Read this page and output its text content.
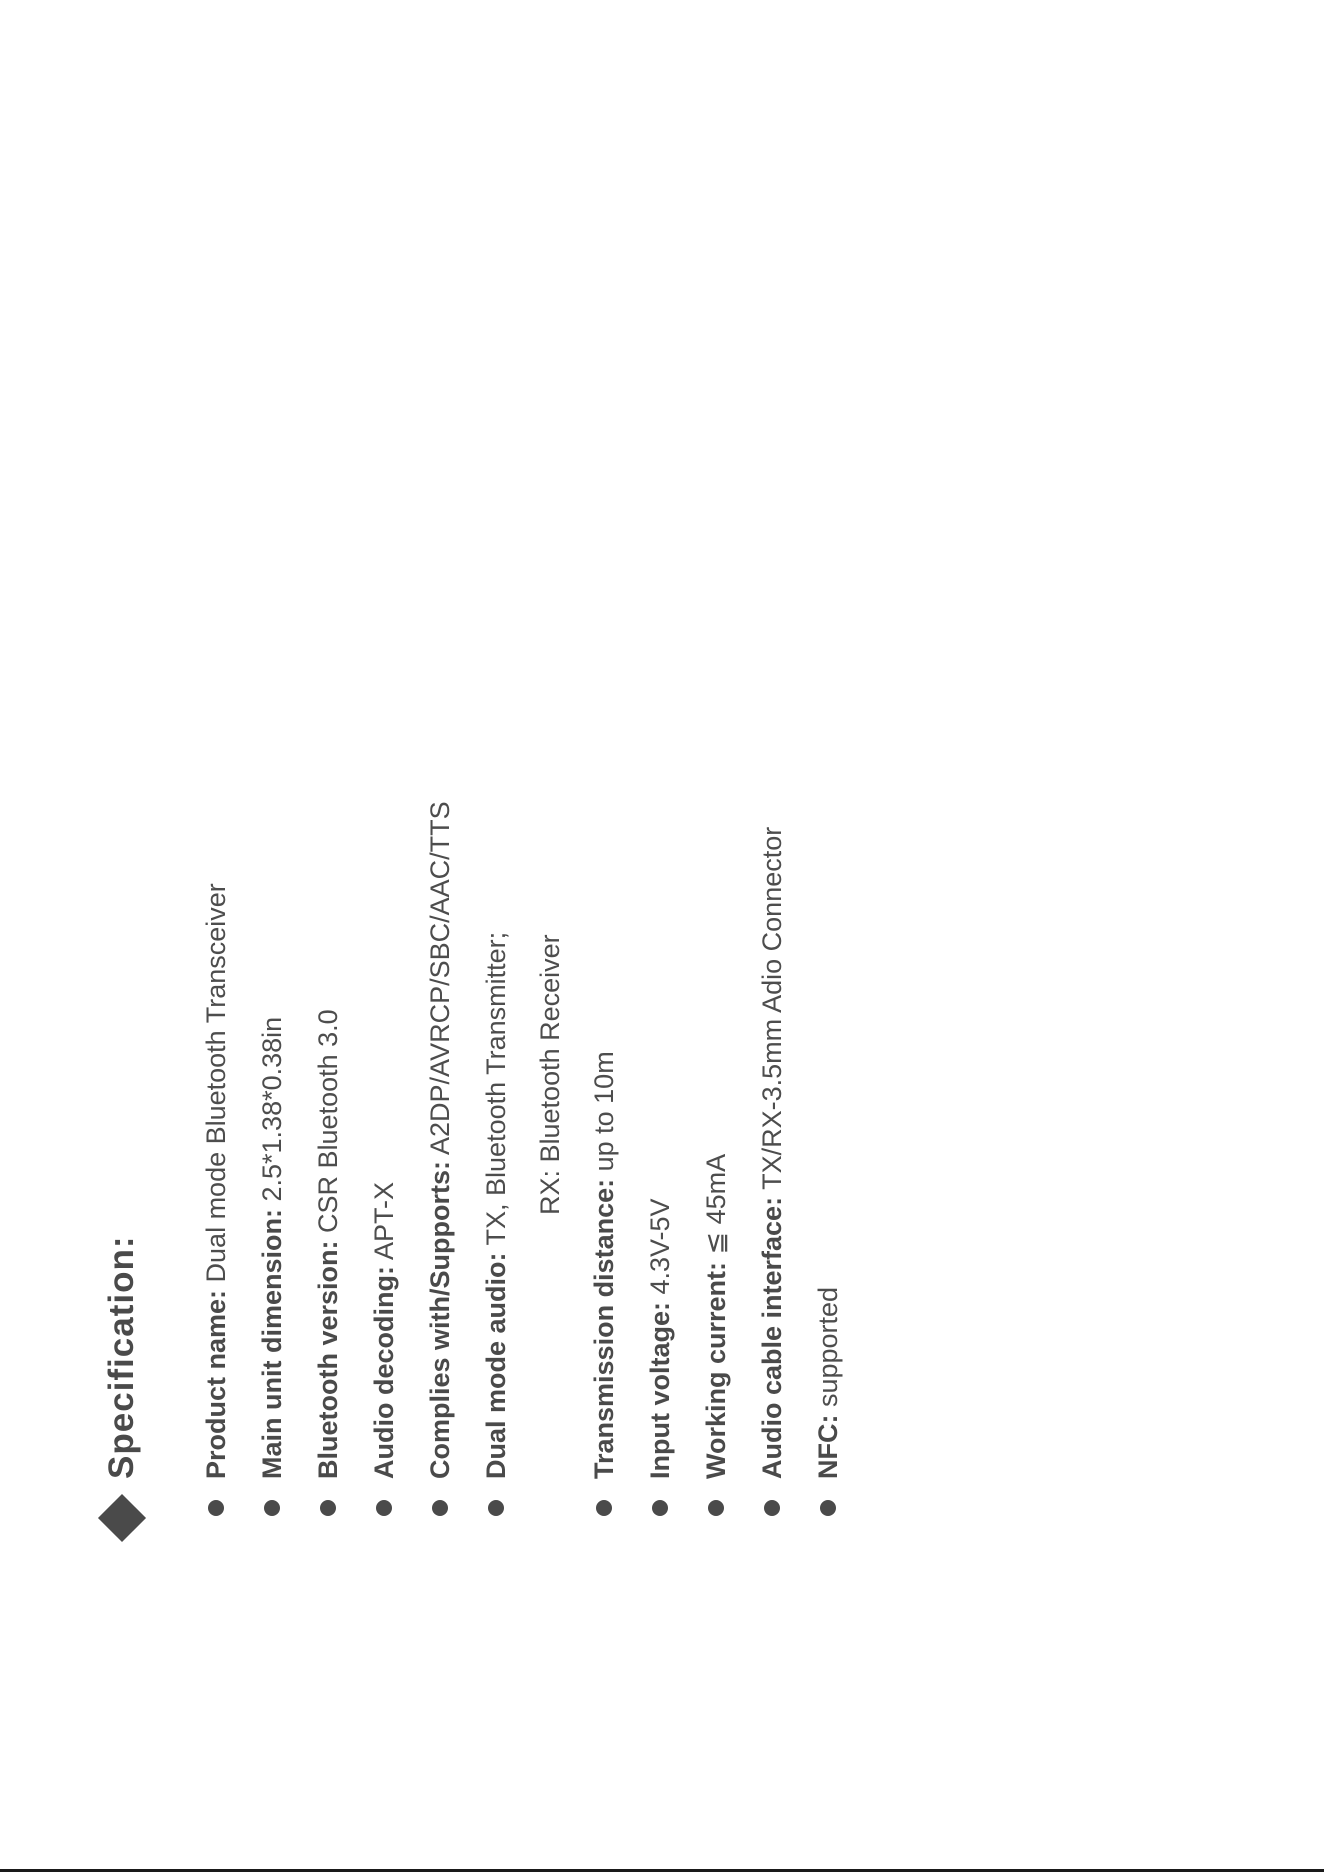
Specification:	Product name: Dual mode Bluetooth Transceiver
Main unit dimension: 2.5*1.38*0.38in
Bluetooth version: CSR Bluetooth 3.0
Audio decoding: APT-X Complies with/Supports: A2DP/AVRCP/SBC/AAC/TTS
Dual mode audio: TX, Bluetooth Transmitter; RX: Bluetooth Receiver
Transmission distance: up to 10m
Input voltage: 4.3V-5V
Working current: ≦ 45mA Audio cable interface: TX/RX-3.5mm Adio Connector
NFC: supported
